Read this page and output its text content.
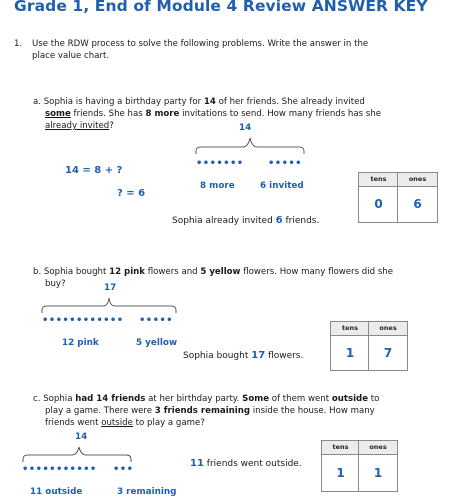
Grade 1, End of Module 4 Review ANSWER KEY
1. Use the RDW process to solve the following problems. Write the answer in the
place value chart.
a. Sophia is having a birthday party for 14 of her friends. She already invited
some friends. She has 8 more invitations to send. How many friends has she
already invited?	14
••••••• •••••
8 more	6 invited
14 = 8 + ?
? = 6
Sophia already invited 6 friends.
tens	ones
0	6
b. Sophia bought 12 pink flowers and 5 yellow flowers. How many flowers did she
buy?	17
•••••••••••• •••••
12 pink	5 yellow
Sophia bought 17 flowers.
tens	ones
1	7
c. Sophia had 14 friends at her birthday party. Some of them went outside to
play a game. There were 3 friends remaining inside the house. How many
friends went outside to play a game?
14
••••••••••• •••
11 outside	3 remaining
11 friends went outside.
tens	ones
1	1
